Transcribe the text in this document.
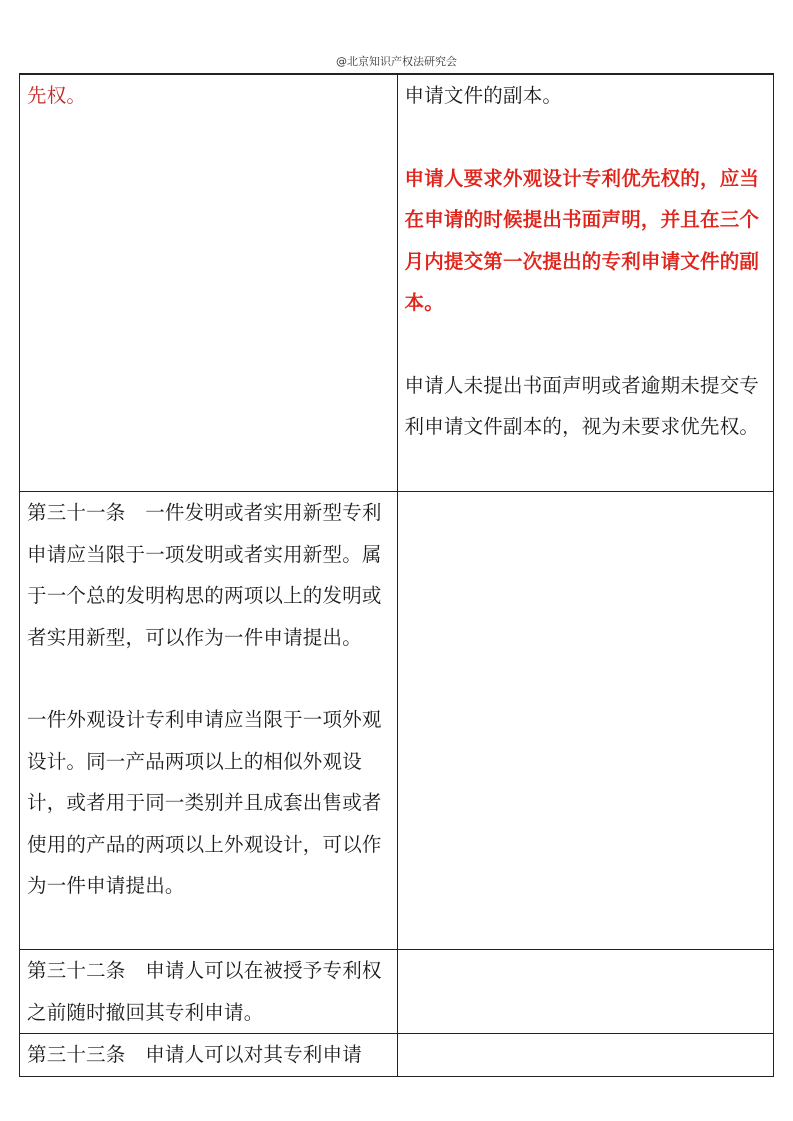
@北京知识产权法研究会

先权。	申请文件的副本。

申请人要求外观设计专利优先权的，应当在申请的时候提出书面声明，并且在三个月内提交第一次提出的专利申请文件的副本。

申请人未提出书面声明或者逾期未提交专利申请文件副本的，视为未要求优先权。

第三十一条　一件发明或者实用新型专利申请应当限于一项发明或者实用新型。属于一个总的发明构思的两项以上的发明或者实用新型，可以作为一件申请提出。

一件外观设计专利申请应当限于一项外观设计。同一产品两项以上的相似外观设计，或者用于同一类别并且成套出售或者使用的产品的两项以上外观设计，可以作为一件申请提出。	

第三十二条　申请人可以在被授予专利权之前随时撤回其专利申请。	

第三十三条　申请人可以对其专利申请	
